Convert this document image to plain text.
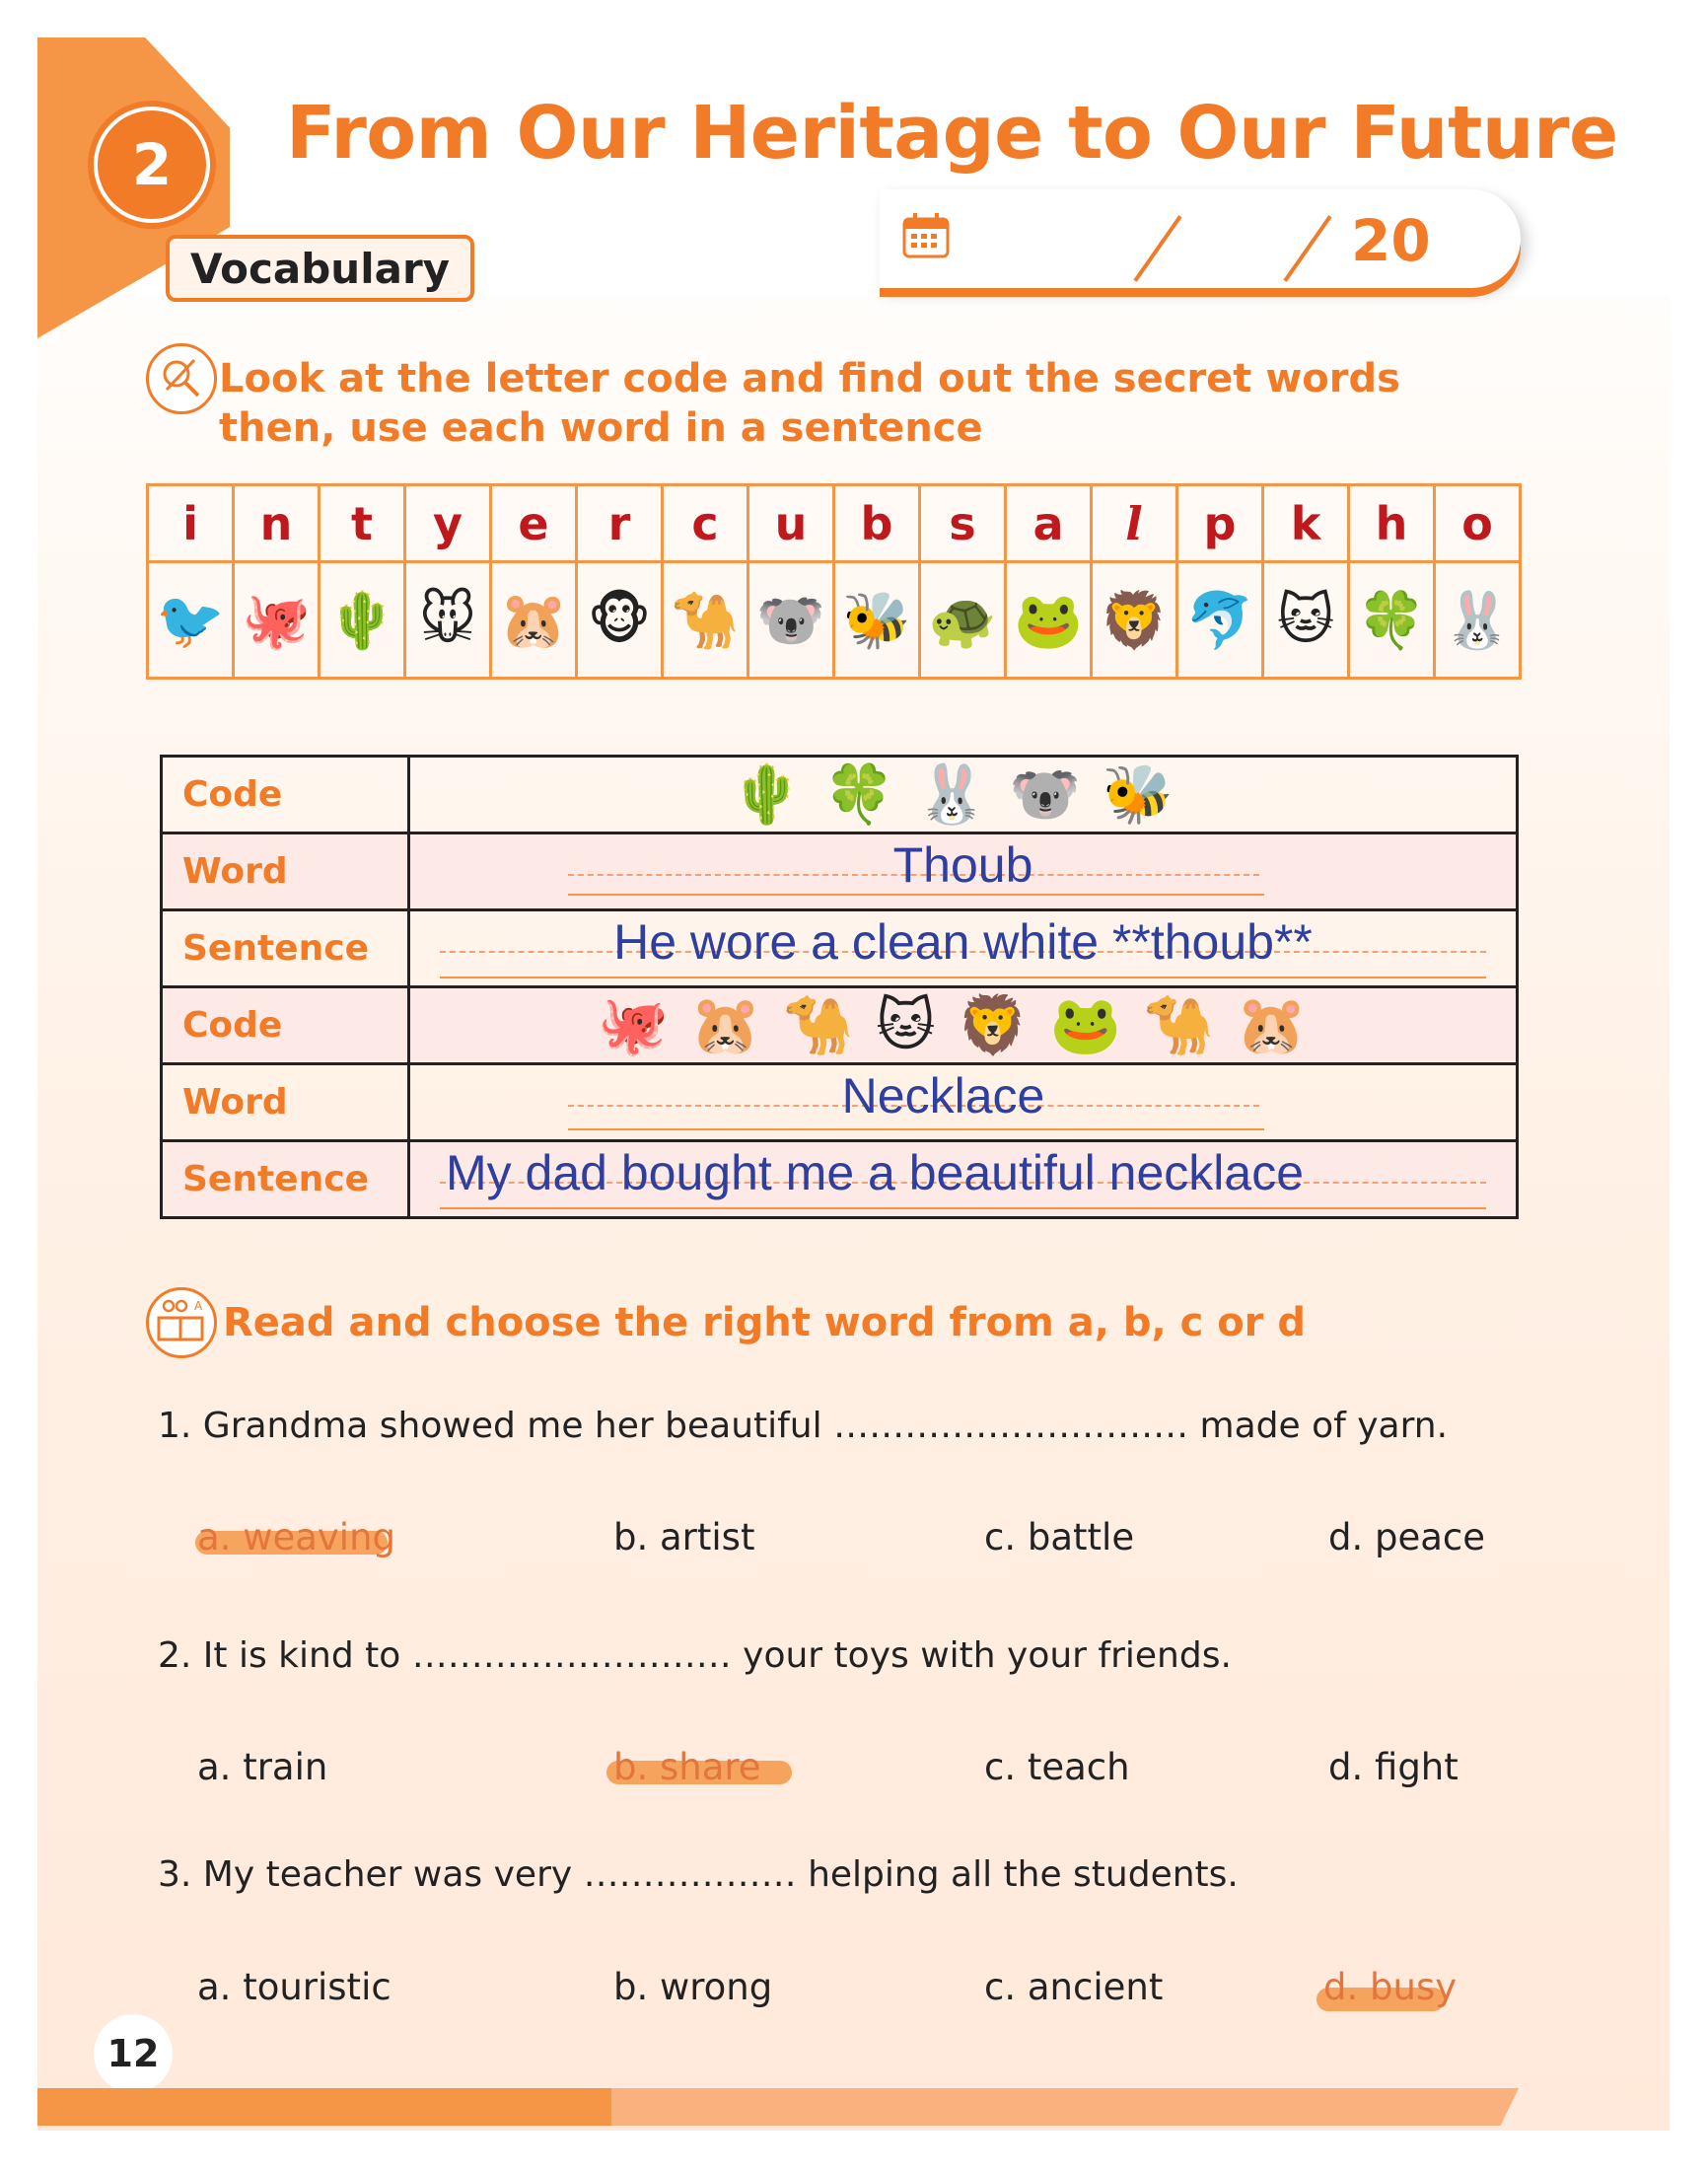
2 From Our Heritage to Our Future
Vocabulary	20

Look at the letter code and find out the secret words

then, use each word in a sentence

i	n	t	y	e	r	c	u	b	s	a	l	p	k	h	o
🐦	🐙	🌵	🐭	🐹	🐵	🐪	🐨	🐝	🐢	🐸	🦁	🐬	🐱	🍀	🐰
Code	🌵🍀🐰🐨🐝
Word	Thoub

Sentence	He wore a clean white **thoub**

Code	🐙🐹🐪🐱🦁🐸🐪🐹
Word	Necklace

Sentence	My dad bought me a beautiful necklace
A Read and choose the right word from a, b, c or d

1. Grandma showed me her beautiful ………………………… made of yarn.

a. weaving	b. artist	c. battle	d. peace

2. It is kind to ……………………… your toys with your friends.

a. train	b. share	c. teach	d. fight

3. My teacher was very ……………… helping all the students.

a. touristic	b. wrong	c. ancient	d. busy
12
